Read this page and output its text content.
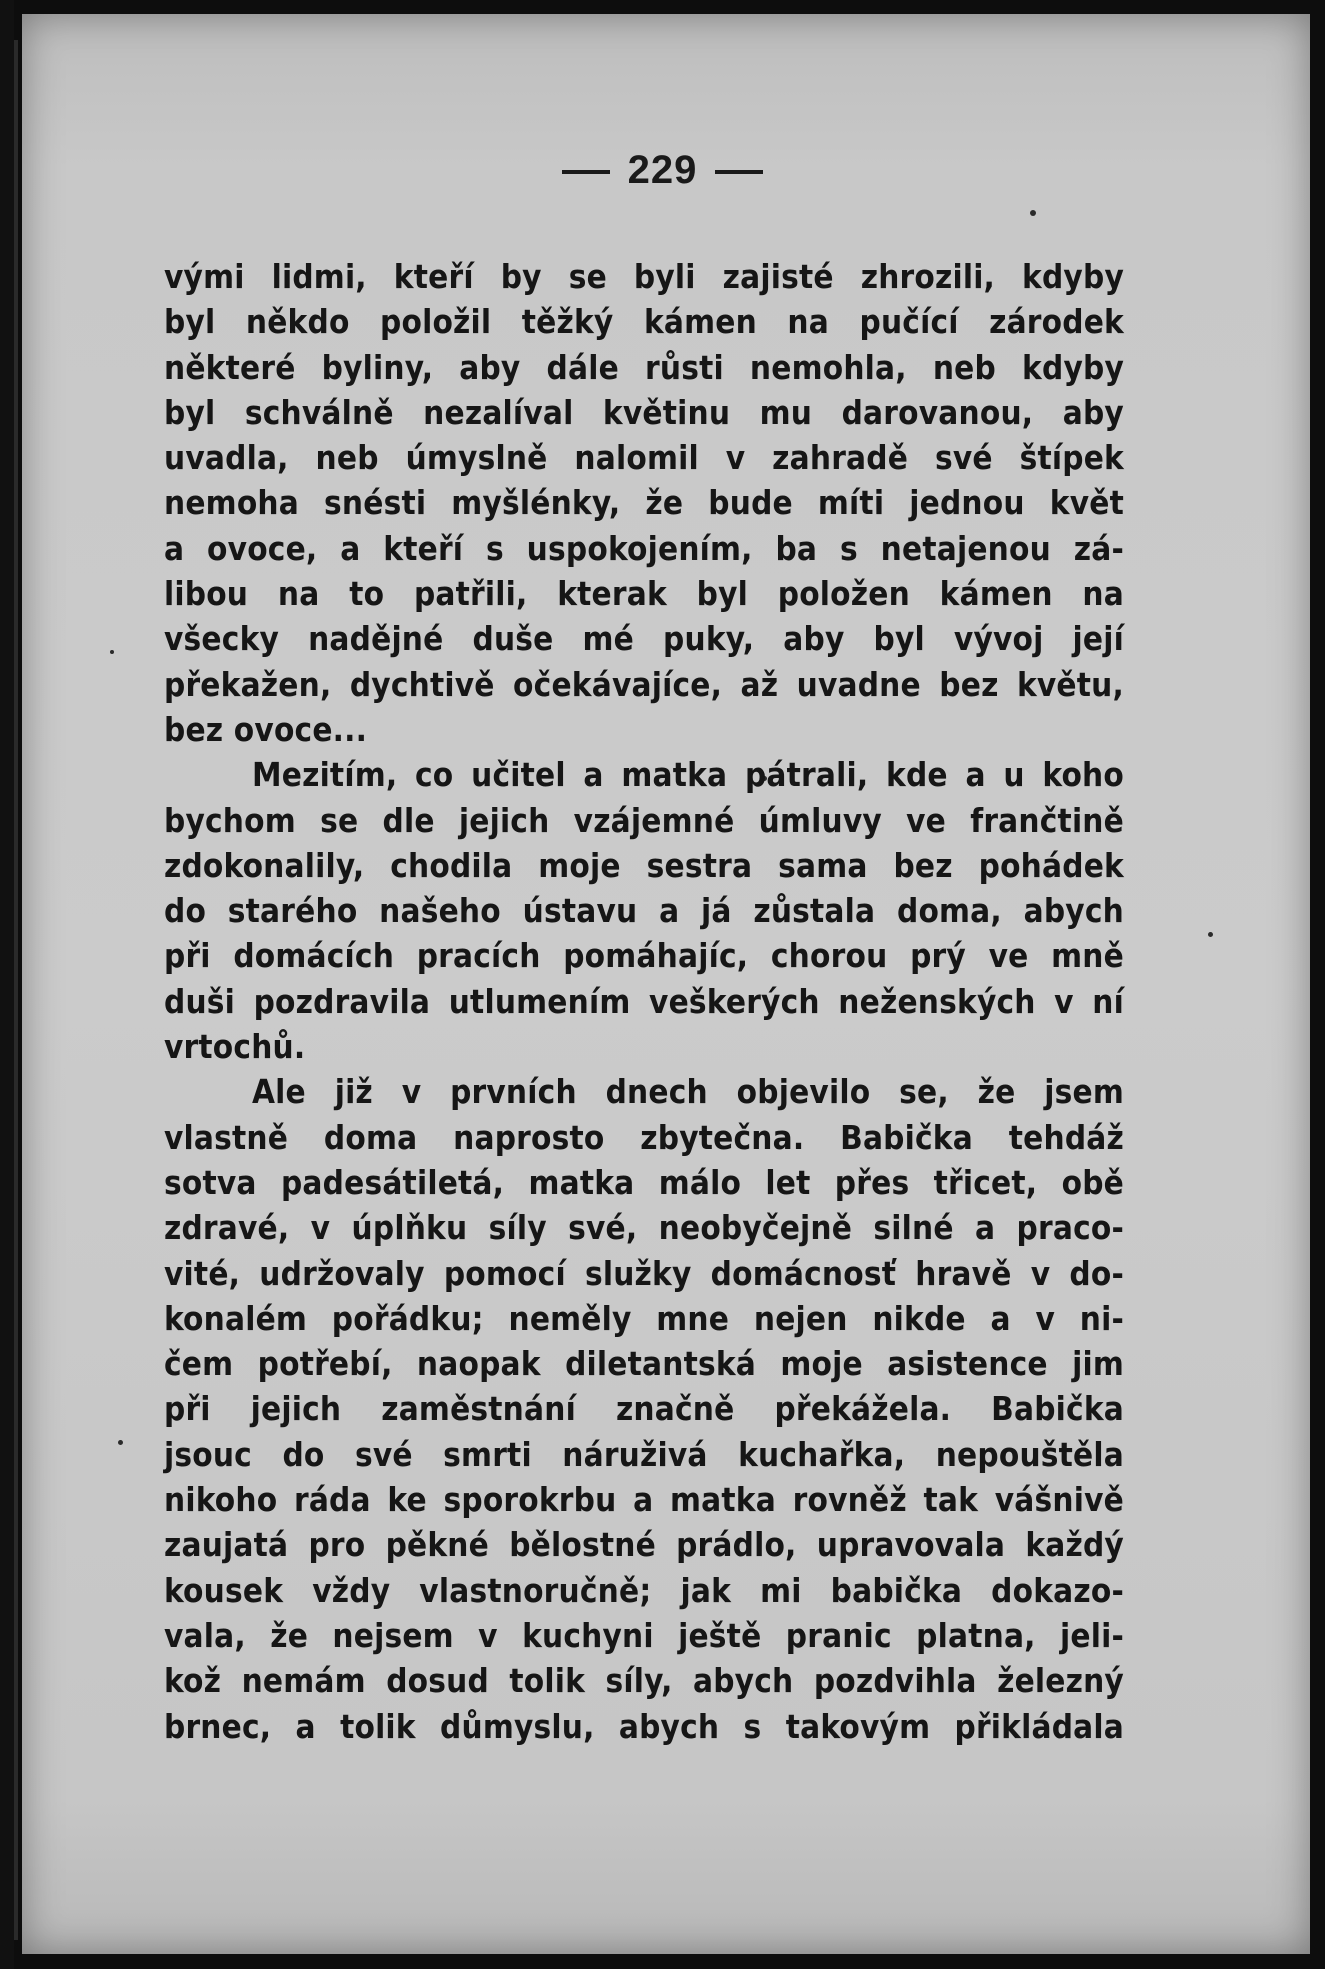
229
vými lidmi, kteří by se byli zajisté zhrozili, kdyby
byl někdo položil těžký kámen na pučící zárodek
některé byliny, aby dále růsti nemohla, neb kdyby
byl schválně nezalíval květinu mu darovanou, aby
uvadla, neb úmyslně nalomil v zahradě své štípek
nemoha snésti myšlénky, že bude míti jednou květ
a ovoce, a kteří s uspokojením, ba s netajenou zá-
libou na to patřili, kterak byl položen kámen na
všecky nadějné duše mé puky, aby byl vývoj její
překažen, dychtivě očekávajíce, až uvadne bez květu,
bez ovoce...
Mezitím, co učitel a matka pátrali, kde a u koho
bychom se dle jejich vzájemné úmluvy ve frančtině
zdokonalily, chodila moje sestra sama bez pohádek
do starého našeho ústavu a já zůstala doma, abych
při domácích pracích pomáhajíc, chorou prý ve mně
duši pozdravila utlumením veškerých neženských v ní
vrtochů.
Ale již v prvních dnech objevilo se, že jsem
vlastně doma naprosto zbytečna. Babička tehdáž
sotva padesátiletá, matka málo let přes třicet, obě
zdravé, v úplňku síly své, neobyčejně silné a praco-
vité, udržovaly pomocí služky domácnosť hravě v do-
konalém pořádku; neměly mne nejen nikde a v ni-
čem potřebí, naopak diletantská moje asistence jim
při jejich zaměstnání značně překážela. Babička
jsouc do své smrti náruživá kuchařka, nepouštěla
nikoho ráda ke sporokrbu a matka rovněž tak vášnivě
zaujatá pro pěkné bělostné prádlo, upravovala každý
kousek vždy vlastnoručně; jak mi babička dokazo-
vala, že nejsem v kuchyni ještě pranic platna, jeli-
kož nemám dosud tolik síly, abych pozdvihla železný
brnec, a tolik důmyslu, abych s takovým přikládala
